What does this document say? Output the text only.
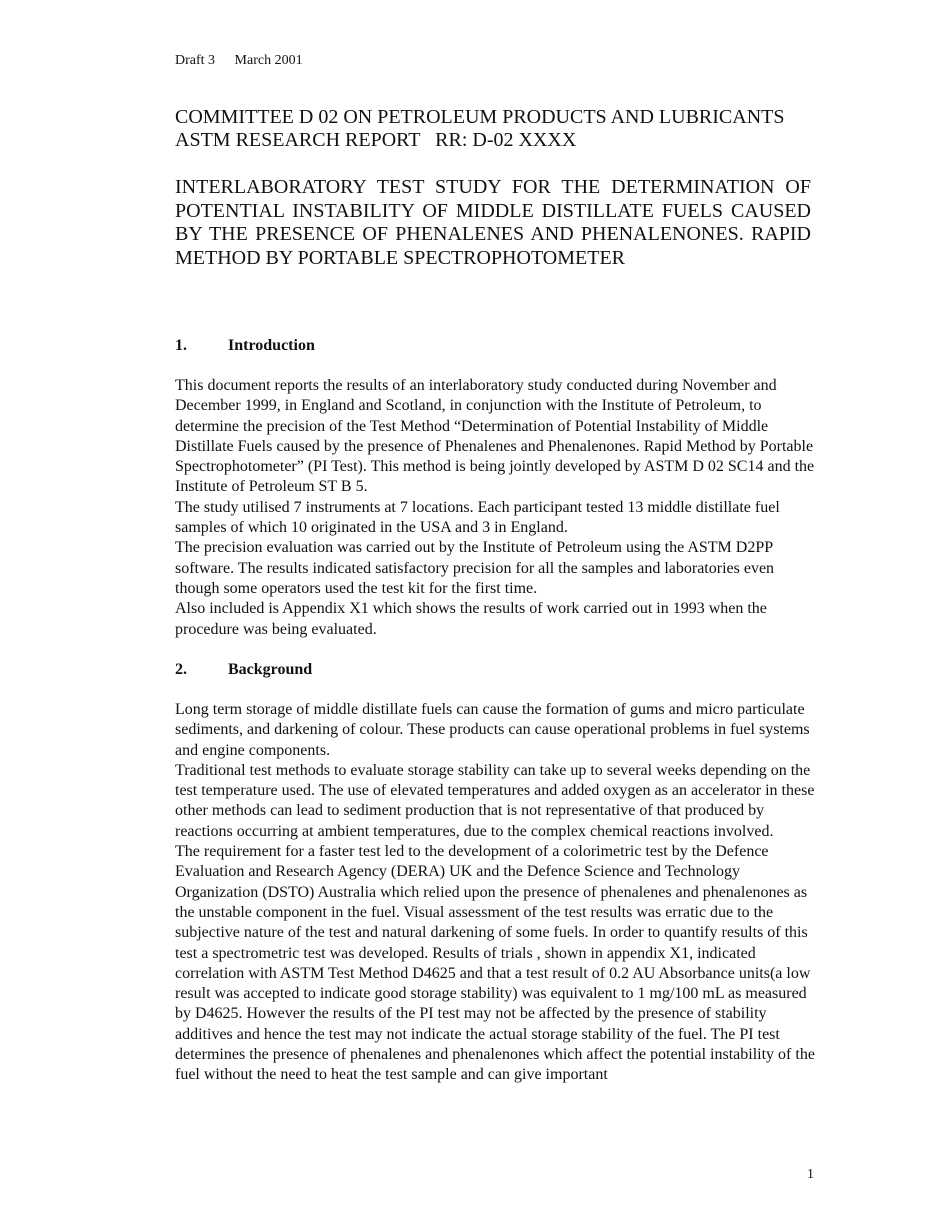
Draft 3 March 2001
COMMITTEE D 02 ON PETROLEUM PRODUCTS AND LUBRICANTS
ASTM RESEARCH REPORT   RR: D-02 XXXX
INTERLABORATORY TEST STUDY FOR THE DETERMINATION OF POTENTIAL INSTABILITY OF MIDDLE DISTILLATE FUELS CAUSED BY THE PRESENCE OF PHENALENES AND PHENALENONES. RAPID METHOD BY PORTABLE SPECTROPHOTOMETER
1.	Introduction

This document reports the results of an interlaboratory study conducted during November and December 1999, in England and Scotland, in conjunction with the Institute of Petroleum, to determine the precision of the Test Method “Determination of Potential Instability of Middle Distillate Fuels caused by the presence of Phenalenes and Phenalenones. Rapid Method by Portable Spectrophotometer” (PI Test). This method is being jointly developed by ASTM D 02 SC14 and the Institute of Petroleum ST B 5.

The study utilised 7 instruments at 7 locations. Each participant tested 13 middle distillate fuel samples of which 10 originated in the USA and 3 in England.

The precision evaluation was carried out by the Institute of Petroleum using the ASTM D2PP software. The results indicated satisfactory precision for all the samples and laboratories even though some operators used the test kit for the first time.

Also included is Appendix X1 which shows the results of work carried out in 1993 when the procedure was being evaluated.

2.	Background

Long term storage of middle distillate fuels can cause the formation of gums and micro particulate sediments, and darkening of colour. These products can cause operational problems in fuel systems and engine components.

Traditional test methods to evaluate storage stability can take up to several weeks depending on the test temperature used. The use of elevated temperatures and added oxygen as an accelerator in these other methods can lead to sediment production that is not representative of that produced by reactions occurring at ambient temperatures, due to the complex chemical reactions involved.

The requirement for a faster test led to the development of a colorimetric test by the Defence Evaluation and Research Agency (DERA) UK and the Defence Science and Technology Organization (DSTO) Australia which relied upon the presence of phenalenes and phenalenones as the unstable component in the fuel. Visual assessment of the test results was erratic due to the subjective nature of the test and natural darkening of some fuels. In order to quantify results of this test a spectrometric test was developed. Results of trials , shown in appendix X1, indicated correlation with ASTM Test Method D4625 and that a test result of 0.2 AU Absorbance units(a low result was accepted to indicate good storage stability) was equivalent to 1 mg/100 mL as measured by D4625. However the results of the PI test may not be affected by the presence of stability additives and hence the test may not indicate the actual storage stability of the fuel. The PI test determines the presence of phenalenes and phenalenones which affect the potential instability of the fuel without the need to heat the test sample and can give important

1
